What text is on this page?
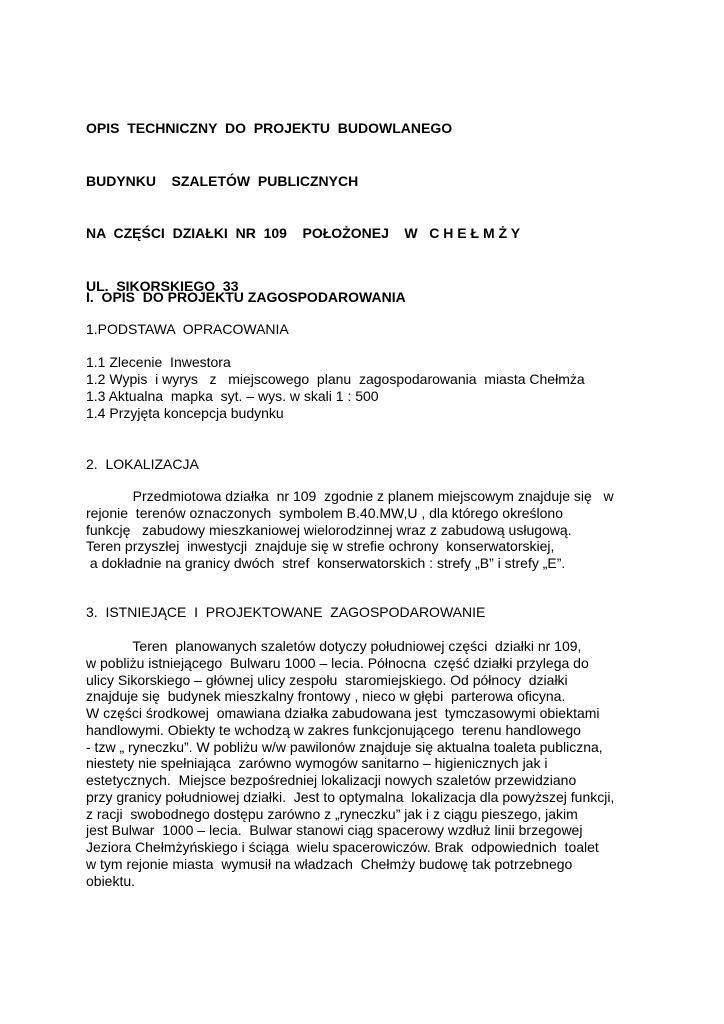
OPIS  TECHNICZNY  DO  PROJEKTU  BUDOWLANEGO

BUDYNKU    SZALETÓW  PUBLICZNYCH

NA  CZĘŚCI  DZIAŁKI  NR  109    POŁOŻONEJ    W   C H E Ł M Ż Y

UL.  SIKORSKIEGO  33

I.  OPIS  DO PROJEKTU ZAGOSPODAROWANIA
1.PODSTAWA  OPRACOWANIA
1.1 Zlecenie  Inwestora
1.2 Wypis  i wyrys   z   miejscowego  planu  zagospodarowania  miasta Chełmża
1.3 Aktualna  mapka  syt. – wys. w skali 1 : 500
1.4 Przyjęta koncepcja budynku
2.  LOKALIZACJA
Przedmiotowa działka  nr 109  zgodnie z planem miejscowym znajduje się   w
rejonie  terenów oznaczonych  symbolem B.40.MW,U , dla którego określono
funkcję   zabudowy mieszkaniowej wielorodzinnej wraz z zabudową usługową.
Teren przyszłej  inwestycji  znajduje się w strefie ochrony  konserwatorskiej,
a dokładnie na granicy dwóch  stref  konserwatorskich : strefy „B” i strefy „E”.
3.  ISTNIEJĄCE  I  PROJEKTOWANE  ZAGOSPODAROWANIE
Teren  planowanych szaletów dotyczy południowej części  działki nr 109,
w pobliżu istniejącego  Bulwaru 1000 – lecia. Północna  część działki przylega do
ulicy Sikorskiego – głównej ulicy zespołu  staromiejskiego. Od północy  działki
znajduje się  budynek mieszkalny frontowy , nieco w głębi  parterowa oficyna.
W części środkowej  omawiana działka zabudowana jest  tymczasowymi obiektami
handlowymi. Obiekty te wchodzą w zakres funkcjonującego  terenu handlowego
- tzw „ ryneczku”. W pobliżu w/w pawilonów znajduje się aktualna toaleta publiczna,
niestety nie spełniająca  zarówno wymogów sanitarno – higienicznych jak i
estetycznych.  Miejsce bezpośredniej lokalizacji nowych szaletów przewidziano
przy granicy południowej działki.  Jest to optymalna  lokalizacja dla powyższej funkcji,
z racji  swobodnego dostępu zarówno z „ryneczku” jak i z ciągu pieszego, jakim
jest Bulwar  1000 – lecia.  Bulwar stanowi ciąg spacerowy wzdłuż linii brzegowej
Jeziora Chełmżyńskiego i ściąga  wielu spacerowiczów. Brak  odpowiednich  toalet
w tym rejonie miasta  wymusił na władzach  Chełmży budowę tak potrzebnego
obiektu.
